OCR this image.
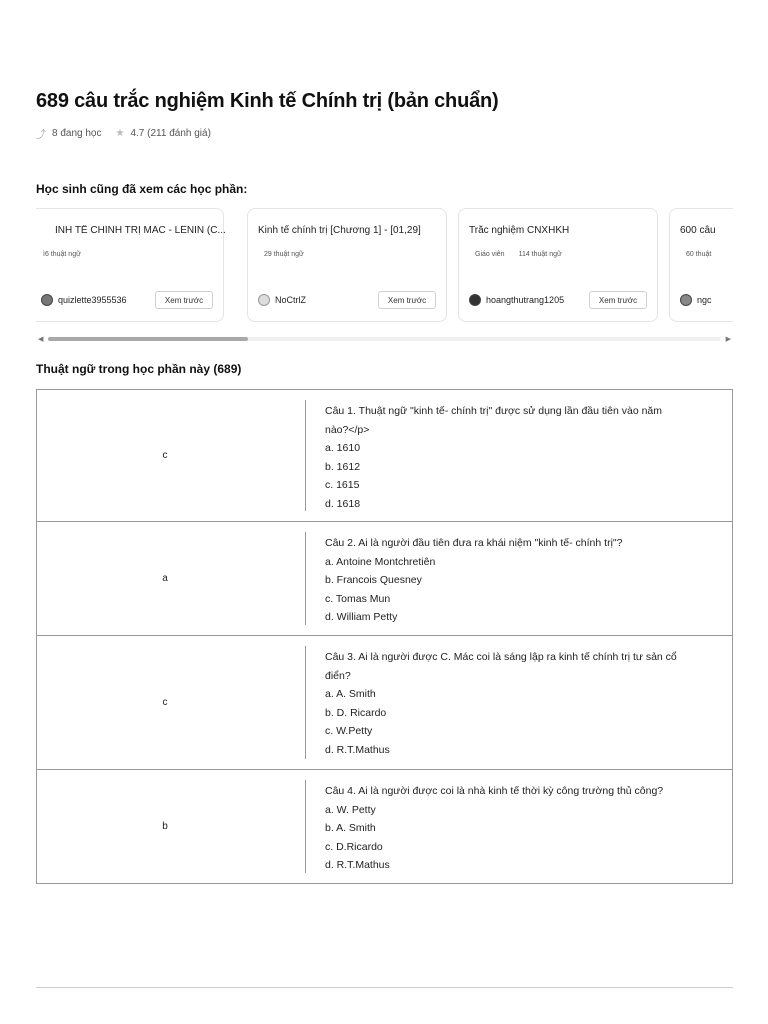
689 câu trắc nghiệm Kinh tế Chính trị (bản chuẩn)
⤴ 8 đang học ★ 4.7 (211 đánh giá)
Học sinh cũng đã xem các học phần:
INH TẾ CHÍNH TRỊ MÁC - LÊNIN (C...
ì6 thuật ngữ
quizlette3955536	Xem trước
Kinh tế chính trị [Chương 1] - [01,29]
29 thuật ngữ
NoCtrlZ	Xem trước
Trắc nghiệm CNXHKH
Giáo viên 114 thuật ngữ
hoangthutrang1205	Xem trước
600 câu
60 thuật
ngc
◀	▶
Thuật ngữ trong học phần này (689)
c
Câu 1. Thuật ngữ "kinh tế- chính trị" được sử dụng lần đầu tiên vào năm
nào?</p>
a. 1610
b. 1612
c. 1615
d. 1618
a
Câu 2. Ai là người đầu tiên đưa ra khái niệm "kinh tế- chính trị"?
a. Antoine Montchretiên
b. Francois Quesney
c. Tomas Mun
d. William Petty
c
Câu 3. Ai là người được C. Mác coi là sáng lập ra kinh tế chính trị tư sản cổ
điển?
a. A. Smith
b. D. Ricardo
c. W.Petty
d. R.T.Mathus
b
Câu 4. Ai là người được coi là nhà kinh tế thời kỳ công trường thủ công?
a. W. Petty
b. A. Smith
c. D.Ricardo
d. R.T.Mathus
